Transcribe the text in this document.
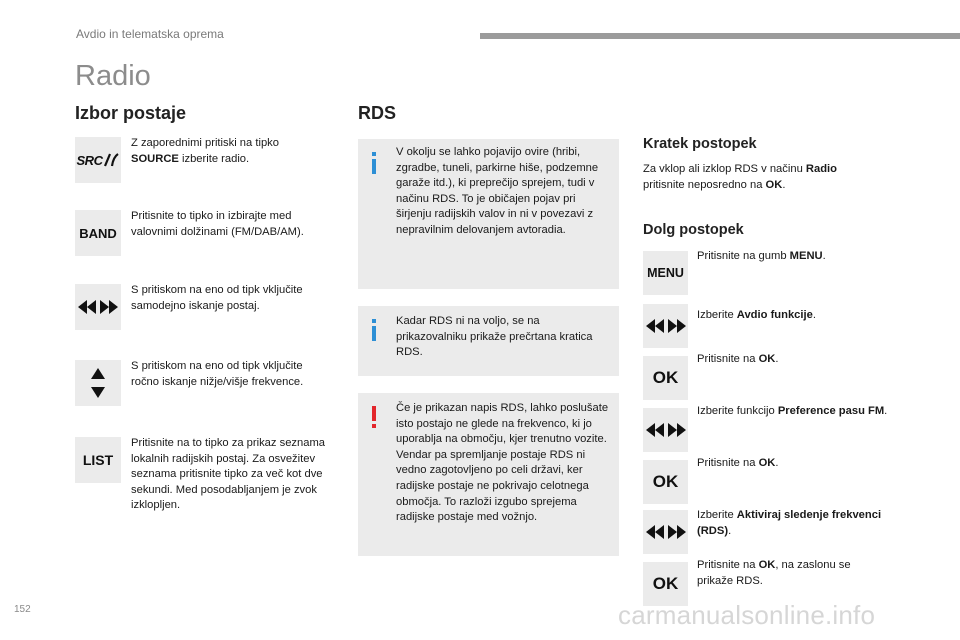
Avdio in telematska oprema
Radio
Izbor postaje
SRC
Z zaporednimi pritiski na tipko
SOURCE izberite radio.
BAND
Pritisnite to tipko in izbirajte med valovnimi dolžinami (FM/DAB/AM).
S pritiskom na eno od tipk vključite samodejno iskanje postaj.
S pritiskom na eno od tipk vključite ročno iskanje nižje/višje frekvence.
LIST
Pritisnite na to tipko za prikaz seznama lokalnih radijskih postaj. Za osvežitev seznama pritisnite tipko za več kot dve sekundi. Med posodabljanjem je zvok izklopljen.
RDS
V okolju se lahko pojavijo ovire (hribi, zgradbe, tuneli, parkirne hiše, podzemne garaže itd.), ki preprečijo sprejem, tudi v načinu RDS. To je običajen pojav pri širjenju radijskih valov in ni v povezavi z nepravilnim delovanjem avtoradia.
Kadar RDS ni na voljo, se na prikazovalniku prikaže prečrtana kratica RDS.
Če je prikazan napis RDS, lahko poslušate isto postajo ne glede na frekvenco, ki jo uporablja na območju, kjer trenutno vozite. Vendar pa spremljanje postaje RDS ni vedno zagotovljeno po celi državi, ker radijske postaje ne pokrivajo celotnega območja. To razloži izgubo sprejema radijske postaje med vožnjo.
Kratek postopek
Za vklop ali izklop RDS v načinu Radio
pritisnite neposredno na OK.
Dolg postopek
MENU
Pritisnite na gumb MENU.
Izberite Avdio funkcije.
OK
Pritisnite na OK.
Izberite funkcijo Preference pasu FM.
OK
Pritisnite na OK.
Izberite Aktiviraj sledenje frekvenci (RDS).
OK
Pritisnite na OK, na zaslonu se prikaže RDS.
152	carmanualsonline.info
